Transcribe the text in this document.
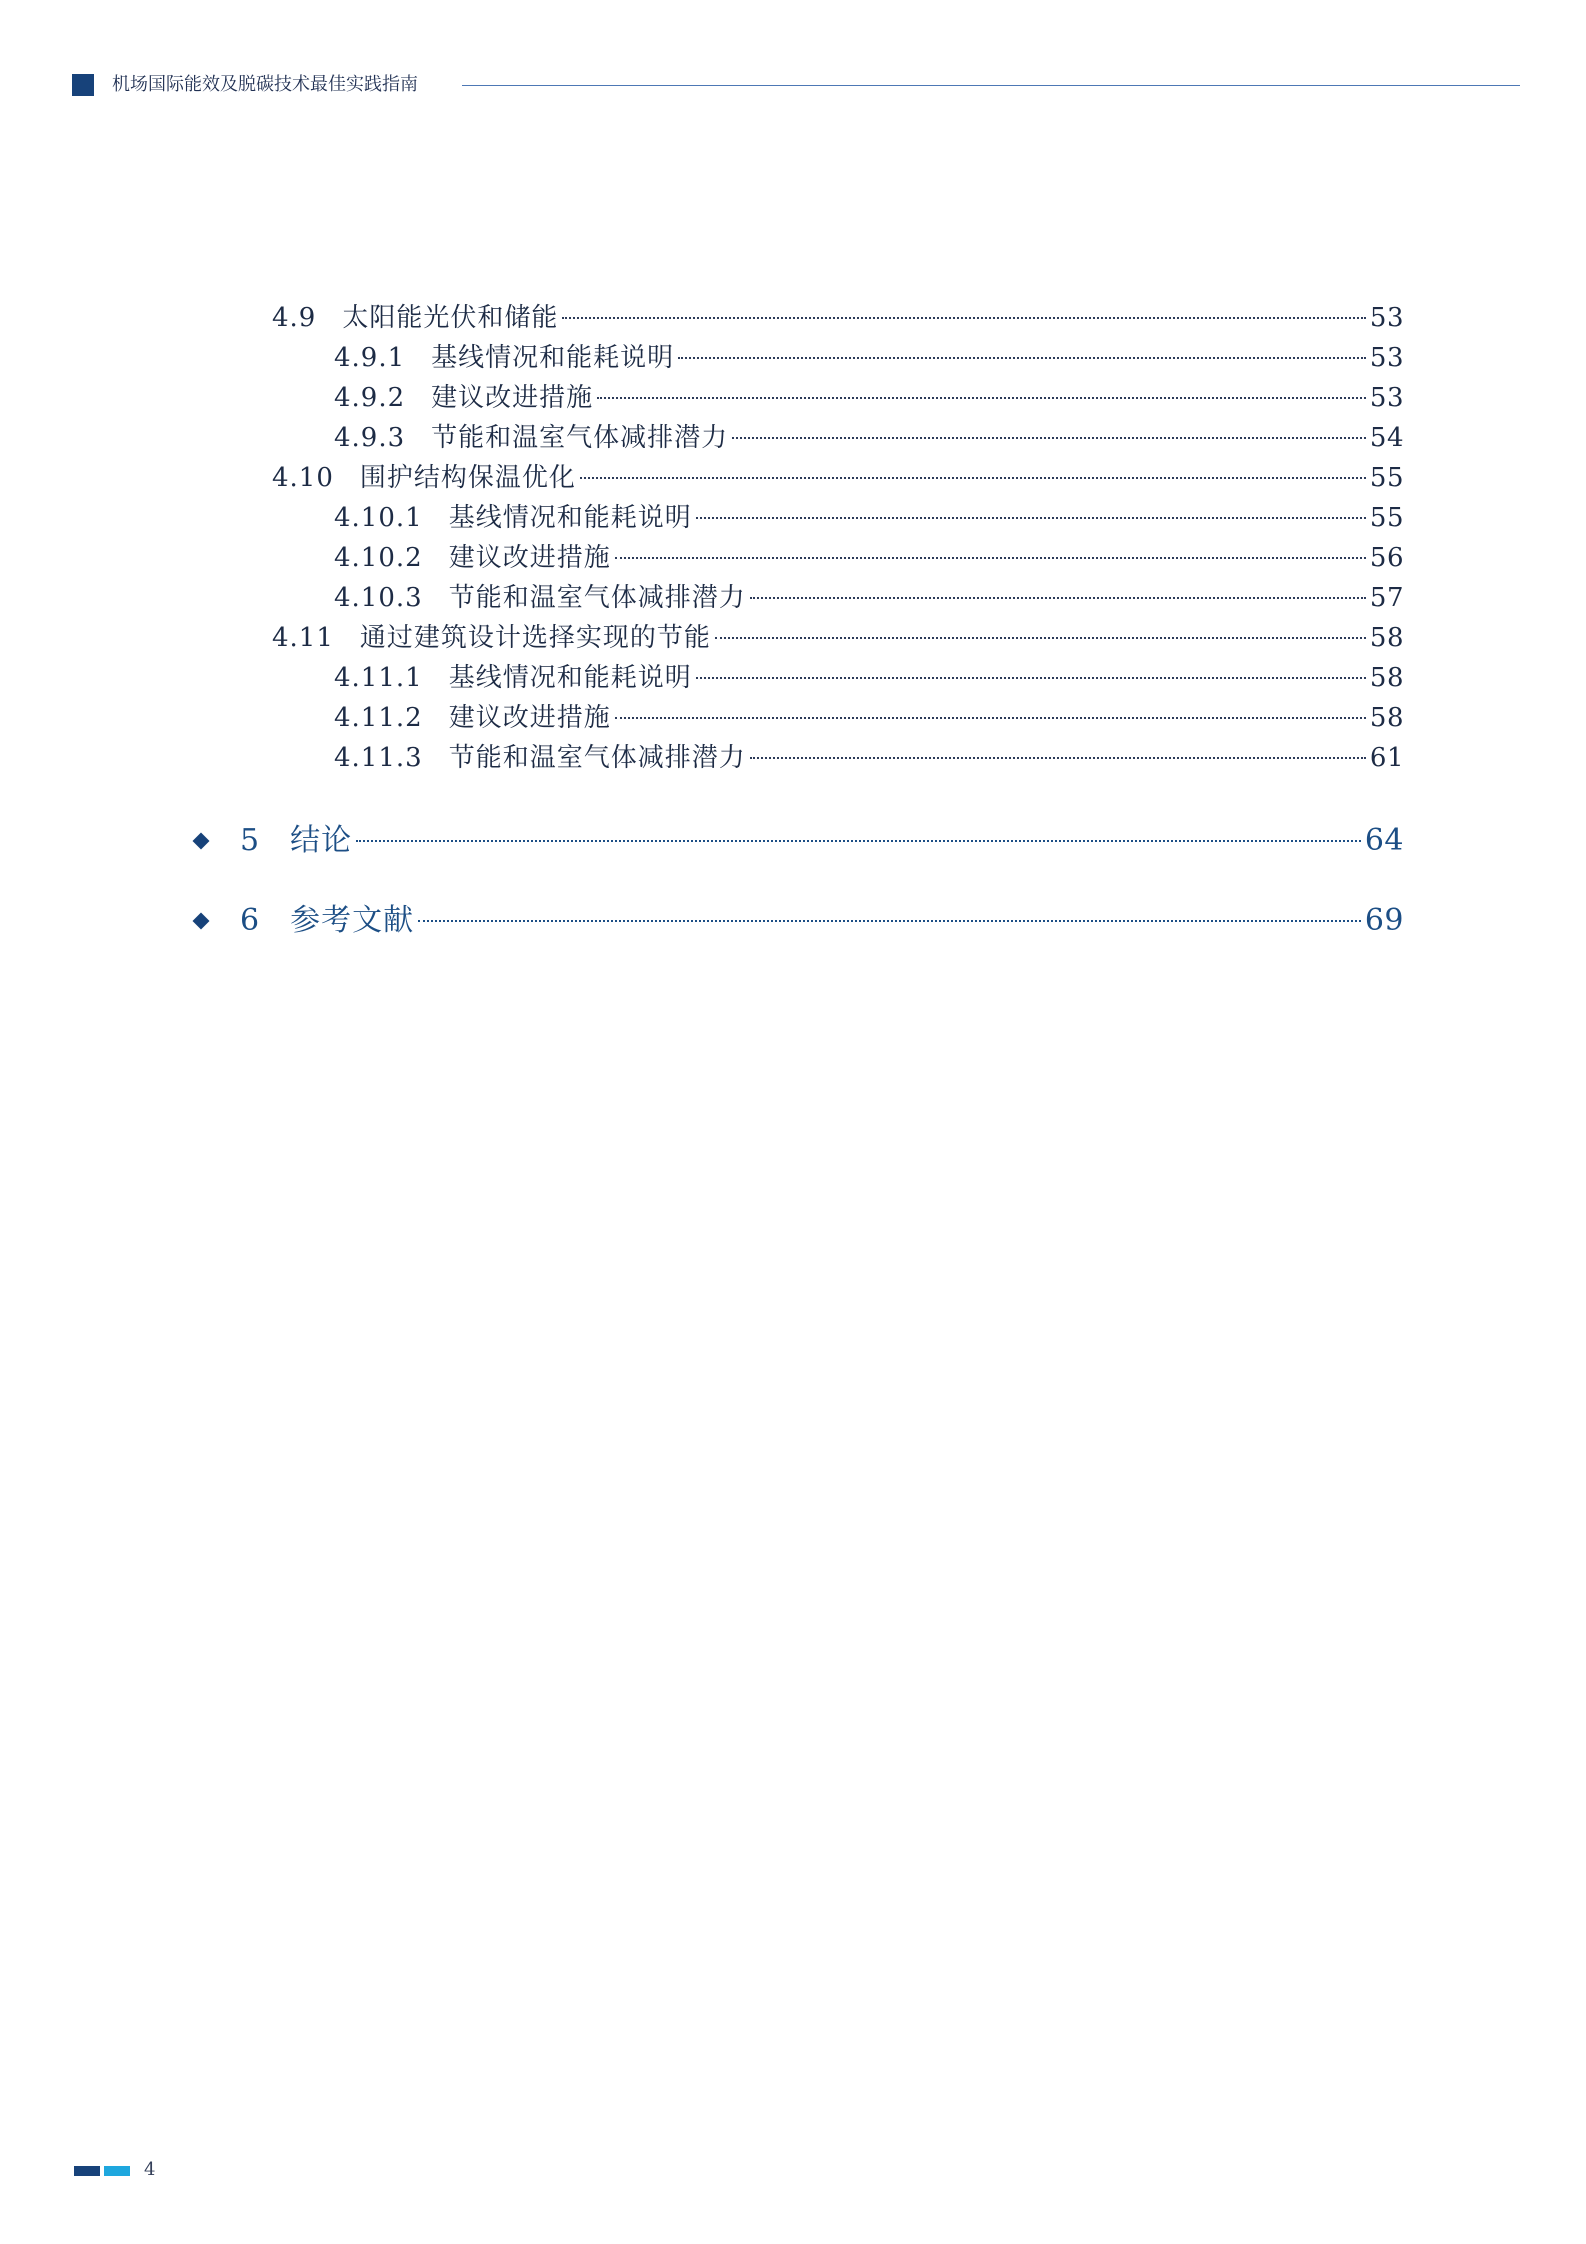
机场国际能效及脱碳技术最佳实践指南
4.9 太阳能光伏和储能	53
4.9.1 基线情况和能耗说明	53
4.9.2 建议改进措施	53
4.9.3 节能和温室气体减排潜力	54
4.10 围护结构保温优化	55
4.10.1 基线情况和能耗说明	55
4.10.2 建议改进措施	56
4.10.3 节能和温室气体减排潜力	57
4.11 通过建筑设计选择实现的节能	58
4.11.1 基线情况和能耗说明	58
4.11.2 建议改进措施	58
4.11.3 节能和温室气体减排潜力	61
5 结论	64
6 参考文献	69
4
